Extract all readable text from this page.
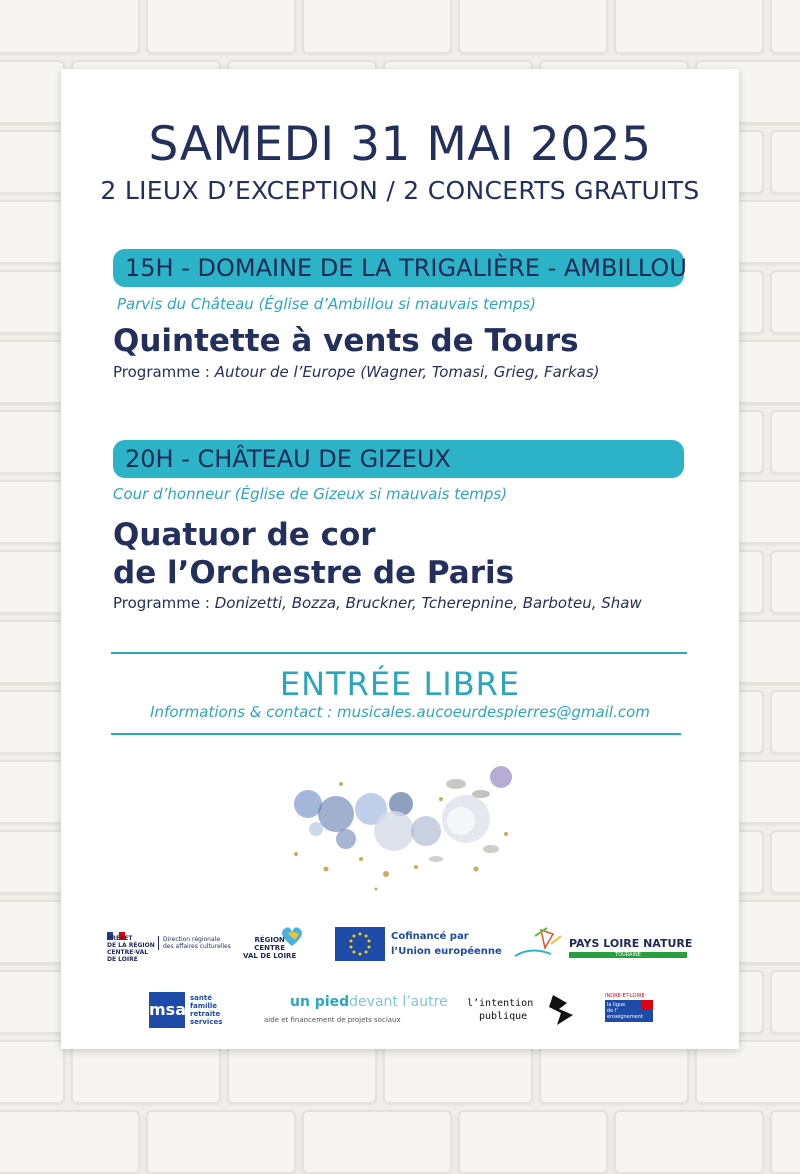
SAMEDI 31 MAI 2025
2 LIEUX D’EXCEPTION / 2 CONCERTS GRATUITS
15H - DOMAINE DE LA TRIGALIÈRE - AMBILLOU
Parvis du Château (Église d’Ambillou si mauvais temps)
Quintette à vents de Tours
Programme : Autour de l’Europe (Wagner, Tomasi, Grieg, Farkas)
20H - CHÂTEAU DE GIZEUX
Cour d’honneur (Église de Gizeux si mauvais temps)
Quatuor de cor
de l’Orchestre de Paris
Programme : Donizetti, Bozza, Bruckner, Tcherepnine, Barboteu, Shaw
ENTRÉE LIBRE
Informations & contact : musicales.aucoeurdespierres@gmail.com
PRÉFET
DE LA RÉGION
CENTRE-VAL
DE LOIRE
Direction régionale
des affaires culturelles
RÉGION
CENTRE
VAL DE LOIRE
Cofinancé par
l’Union européenne
PAYS LOIRE NATURE
TOURAINE
msa
santé
famille
retraite
services
un pieddevant l’autre
aide et financement de projets sociaux
l’intention
publique
INDRE-ET-LOIRE
la ligue
de l’
enseignement
